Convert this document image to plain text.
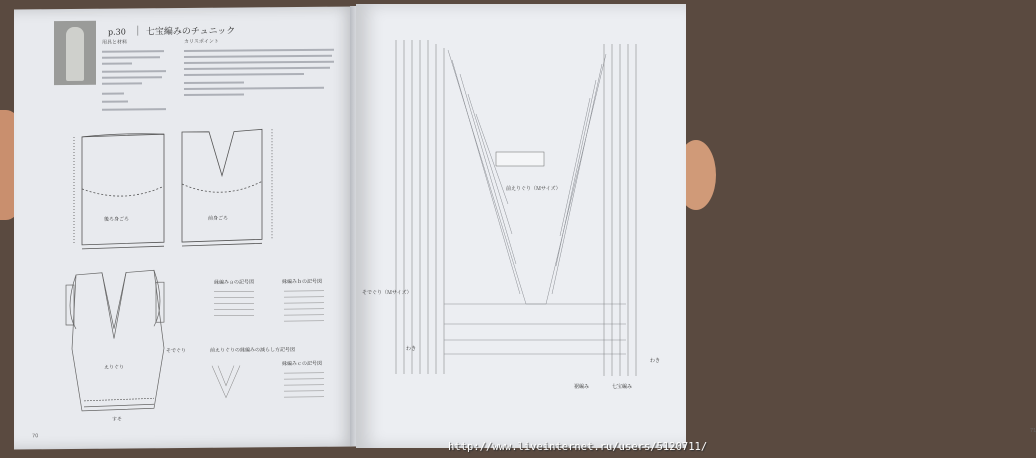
p.30 ｜ 七宝編みのチュニック
用具と材料	カリスポイント
後ろ身ごろ	前身ごろ
えりぐり
そでぐり
すそ
縁編みａの記号図	縁編みｂの記号図
縁編みｃの記号図
前えりぐりの縁編みの減らし方記号図
70
前えりぐり（Ｍサイズ）
そでぐり（Ｍサイズ）
わき
わき
裾編み	七宝編み
71
http://www.liveinternet.ru/users/5120711/
